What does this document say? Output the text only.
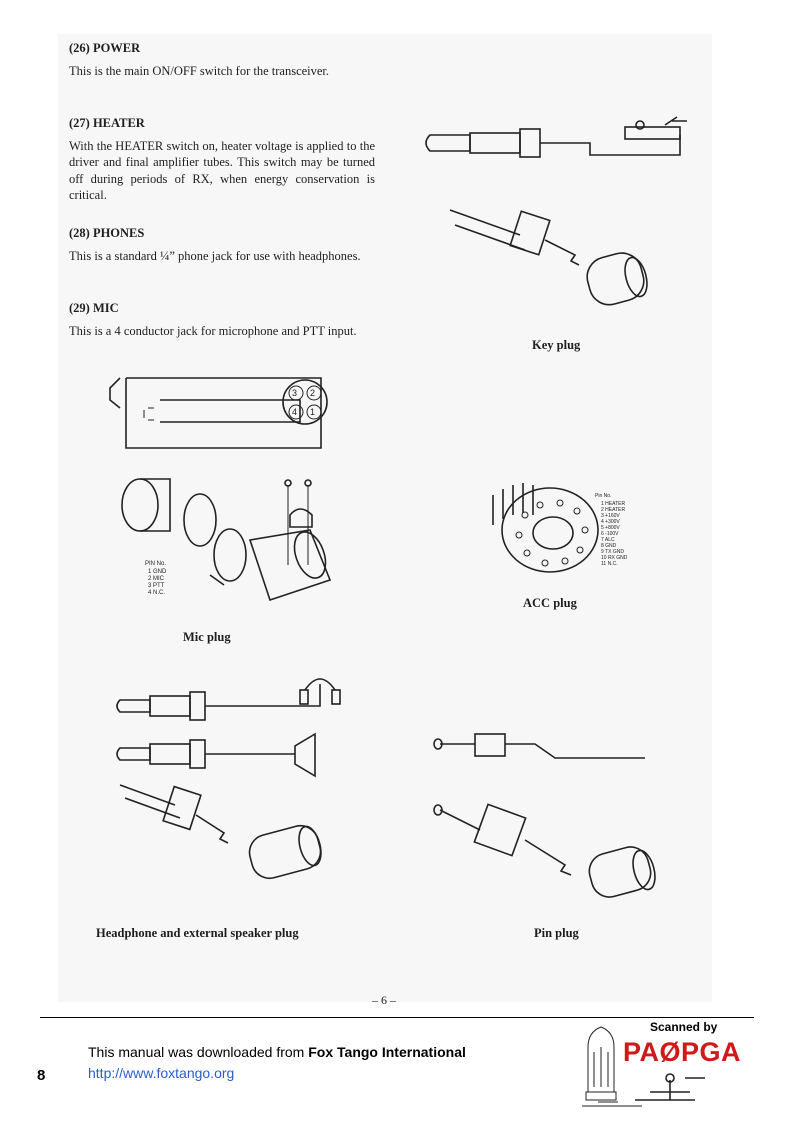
(26) POWER

This is the main ON/OFF switch for the transceiver.

(27) HEATER

With the HEATER switch on, heater voltage is applied to the driver and final amplifier tubes. This switch may be turned off during periods of RX, when energy conservation is critical.

(28) PHONES

This is a standard ¼” phone jack for use with headphones.

(29) MIC

This is a 4 conductor jack for microphone and PTT input.

Key plug
3 2
4 1
PIN No.
1 GND
2 MIC
3 PTT
4 N.C.
Mic plug
Pin No.
1 HEATER
2 HEATER
3 +160V
4 +300V
5 +800V
6 -100V
7 ALC
8 GND
9 TX GND
10 RX GND
11 N.C.
ACC plug
Headphone and external speaker plug	Pin plug
– 6 –
8
This manual was downloaded from Fox Tango International
http://www.foxtango.org
Scanned by
PAØPGA
